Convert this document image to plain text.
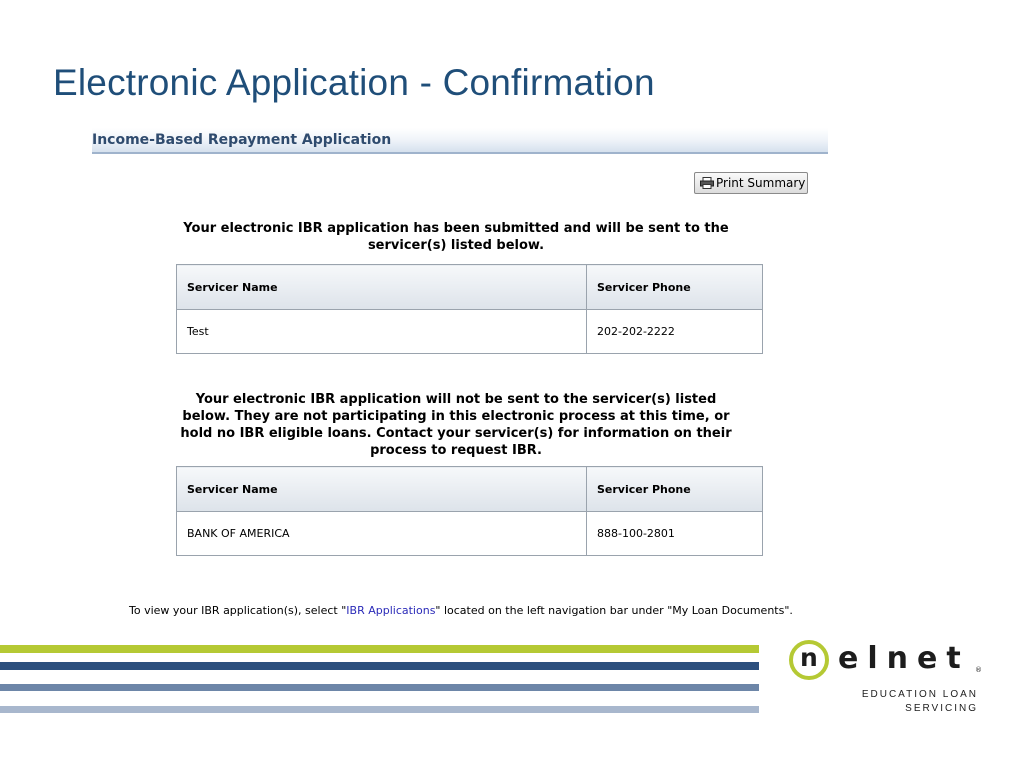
Electronic Application - Confirmation
Income-Based Repayment Application
Print Summary
Your electronic IBR application has been submitted and will be sent to the servicer(s) listed below.
Servicer Name	Servicer Phone
Test	202-202-2222
Your electronic IBR application will not be sent to the servicer(s) listed below. They are not participating in this electronic process at this time, or hold no IBR eligible loans. Contact your servicer(s) for information on their process to request IBR.
Servicer Name	Servicer Phone
BANK OF AMERICA	888-100-2801
To view your IBR application(s), select "IBR Applications" located on the left navigation bar under "My Loan Documents".
n elnet ®
EDUCATION LOAN
SERVICING
